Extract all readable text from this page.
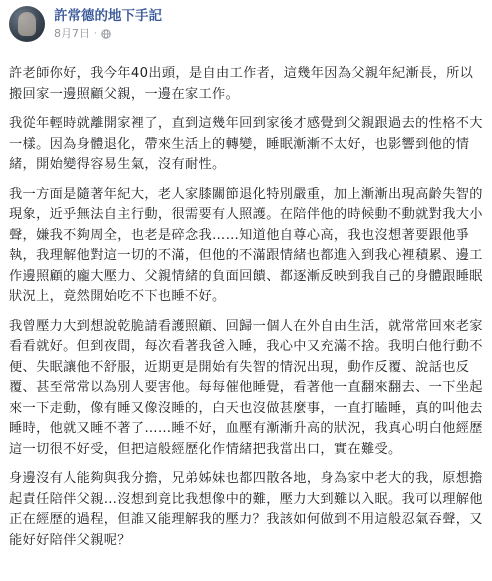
許常德的地下手記
8月7日 ·

許老師你好，我今年40出頭，是自由工作者，這幾年因為父親年紀漸長，所以搬回家一邊照顧父親，一邊在家工作。

我從年輕時就離開家裡了，直到這幾年回到家後才感覺到父親跟過去的性格不大一樣。因為身體退化，帶來生活上的轉變，睡眠漸漸不太好，也影響到他的情緒，開始變得容易生氣，沒有耐性。

我一方面是隨著年紀大，老人家膝關節退化特別嚴重，加上漸漸出現高齡失智的現象，近乎無法自主行動，很需要有人照護。在陪伴他的時候動不動就對我大小聲，嫌我不夠周全，也老是碎念我……知道他自尊心高，我也沒想著要跟他爭執，我理解他對這一切的不滿，但他的不滿跟情緒也都進入到我心裡積累、邊工作邊照顧的龐大壓力、父親情緒的負面回饋、都逐漸反映到我自己的身體跟睡眠狀況上，竟然開始吃不下也睡不好。

我曾壓力大到想說乾脆請看護照顧、回歸一個人在外自由生活，就常常回來老家看看就好。但到夜間，每次看著我爸入睡，我心中又充滿不捨。我明白他行動不便、失眠讓他不舒服，近期更是開始有失智的情況出現，動作反覆、說話也反覆、甚至常常以為別人要害他。每每催他睡覺，看著他一直翻來翻去、一下坐起來一下走動，像有睡又像沒睡的，白天也沒做甚麼事，一直打瞌睡，真的叫他去睡時，他就又睡不著了……睡不好，血壓有漸漸升高的狀況，我真心明白他經歷這一切很不好受，但把這般經歷化作情緒把我當出口，實在難受。

身邊沒有人能夠與我分擔，兄弟姊妹也都四散各地，身為家中老大的我，原想擔起責任陪伴父親…沒想到竟比我想像中的難，壓力大到難以入眠。我可以理解他正在經歷的過程，但誰又能理解我的壓力？我該如何做到不用這般忍氣吞聲，又能好好陪伴父親呢？
